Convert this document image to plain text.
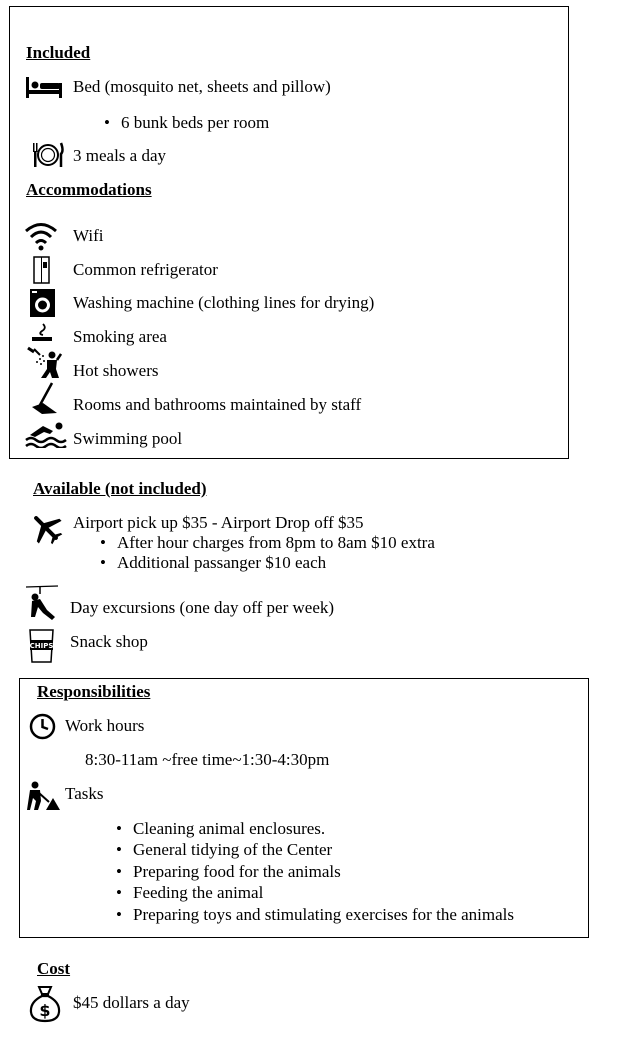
Included
Bed (mosquito net, sheets and pillow)
• 6 bunk beds per room
3 meals a day
Accommodations
Wifi
Common refrigerator
Washing machine (clothing lines for drying)
Smoking area
Hot showers
Rooms and bathrooms maintained by staff
Swimming pool
Available (not included)
Airport pick up $35 - Airport Drop off $35
• After hour charges from 8pm to 8am $10 extra
• Additional passanger $10 each
Day excursions (one day off per week)
CHIPS Snack shop
Responsibilities
Work hours
8:30-11am ~free time~1:30-4:30pm
Tasks
• Cleaning animal enclosures.
• General tidying of the Center
• Preparing food for the animals
• Feeding the animal
• Preparing toys and stimulating exercises for the animals
Cost
$ $45 dollars a day
